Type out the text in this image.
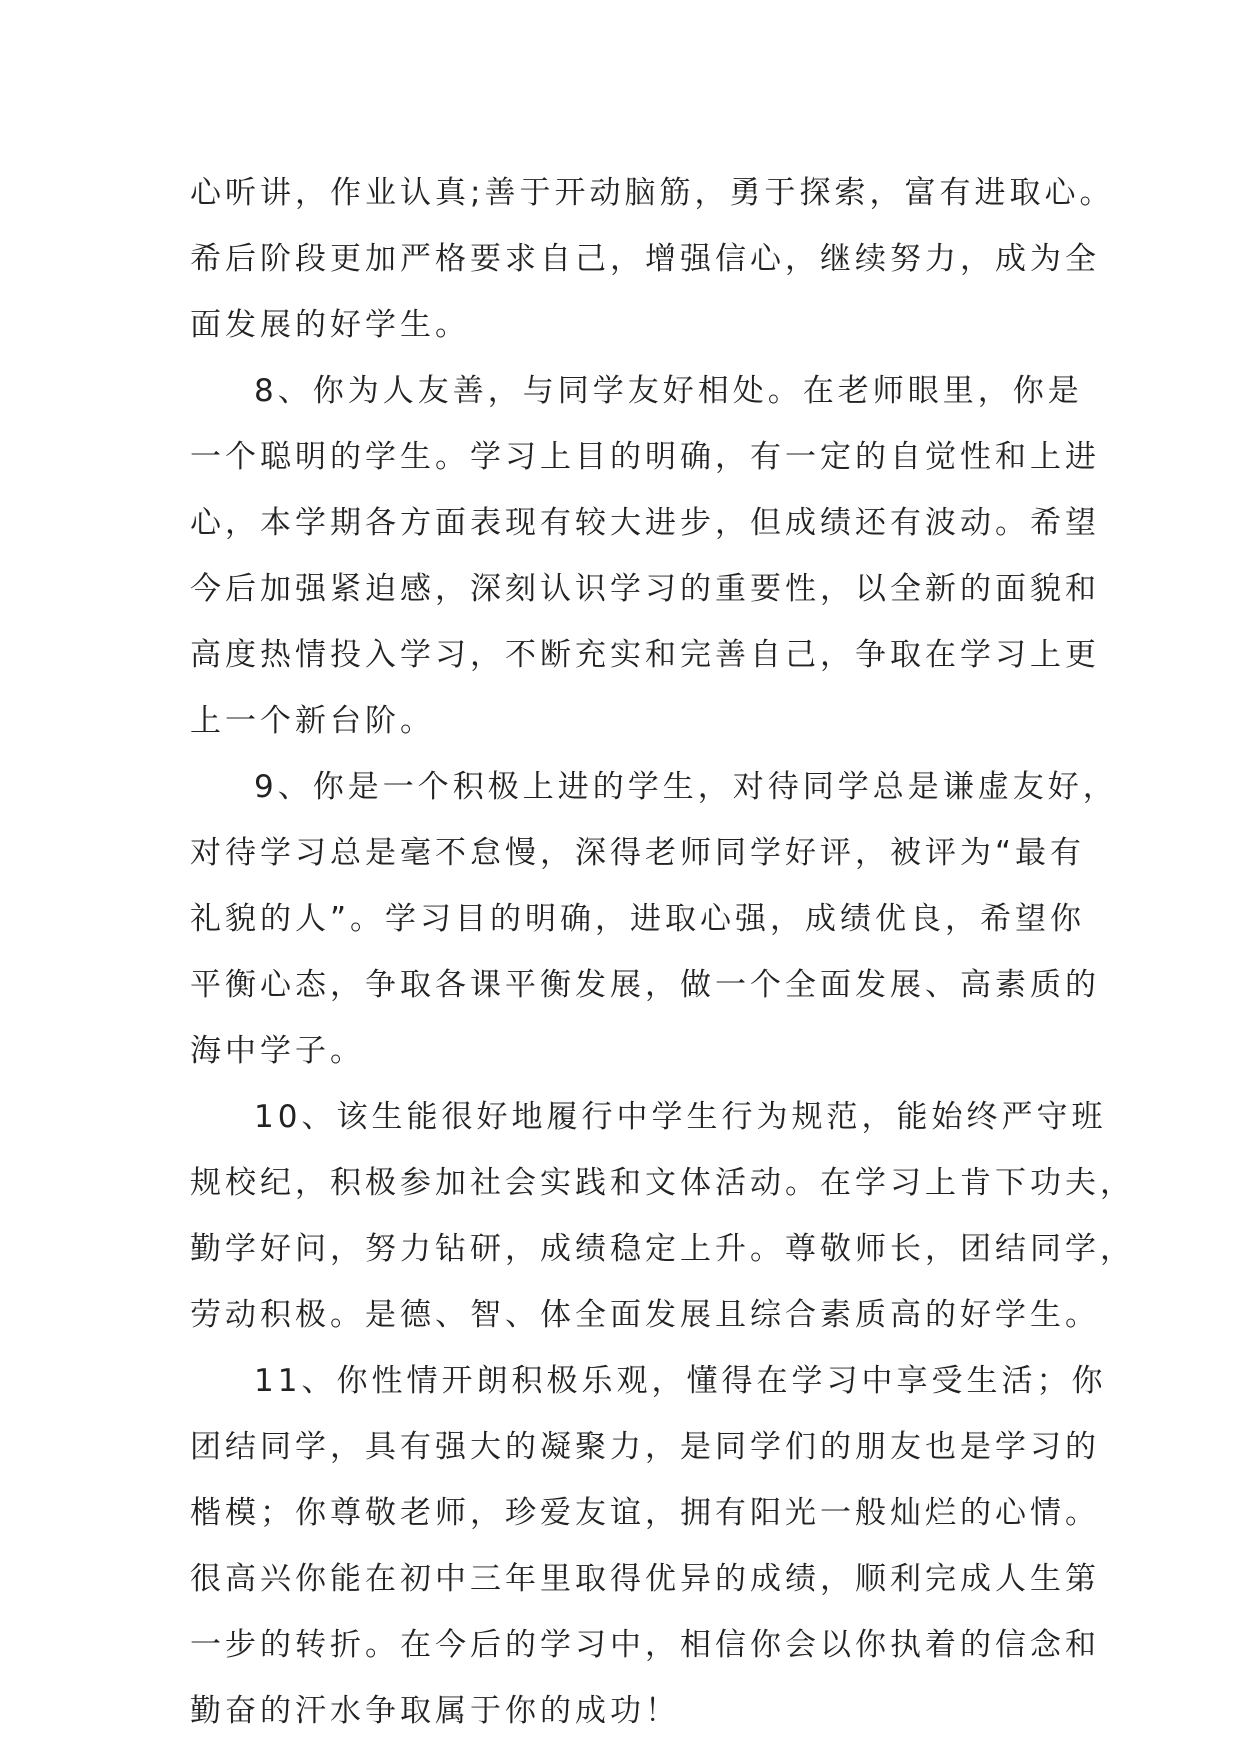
心听讲，作业认真;善于开动脑筋，勇于探索，富有进取心。
希后阶段更加严格要求自己，增强信心，继续努力，成为全
面发展的好学生。
8、你为人友善，与同学友好相处。在老师眼里，你是
一个聪明的学生。学习上目的明确，有一定的自觉性和上进
心，本学期各方面表现有较大进步，但成绩还有波动。希望
今后加强紧迫感，深刻认识学习的重要性，以全新的面貌和
高度热情投入学习，不断充实和完善自己，争取在学习上更
上一个新台阶。
9、你是一个积极上进的学生，对待同学总是谦虚友好，
对待学习总是毫不怠慢，深得老师同学好评，被评为“最有
礼貌的人”。学习目的明确，进取心强，成绩优良，希望你
平衡心态，争取各课平衡发展，做一个全面发展、高素质的
海中学子。
10、该生能很好地履行中学生行为规范，能始终严守班
规校纪，积极参加社会实践和文体活动。在学习上肯下功夫，
勤学好问，努力钻研，成绩稳定上升。尊敬师长，团结同学，
劳动积极。是德、智、体全面发展且综合素质高的好学生。
11、你性情开朗积极乐观，懂得在学习中享受生活；你
团结同学，具有强大的凝聚力，是同学们的朋友也是学习的
楷模；你尊敬老师，珍爱友谊，拥有阳光一般灿烂的心情。
很高兴你能在初中三年里取得优异的成绩，顺利完成人生第
一步的转折。在今后的学习中，相信你会以你执着的信念和
勤奋的汗水争取属于你的成功！
